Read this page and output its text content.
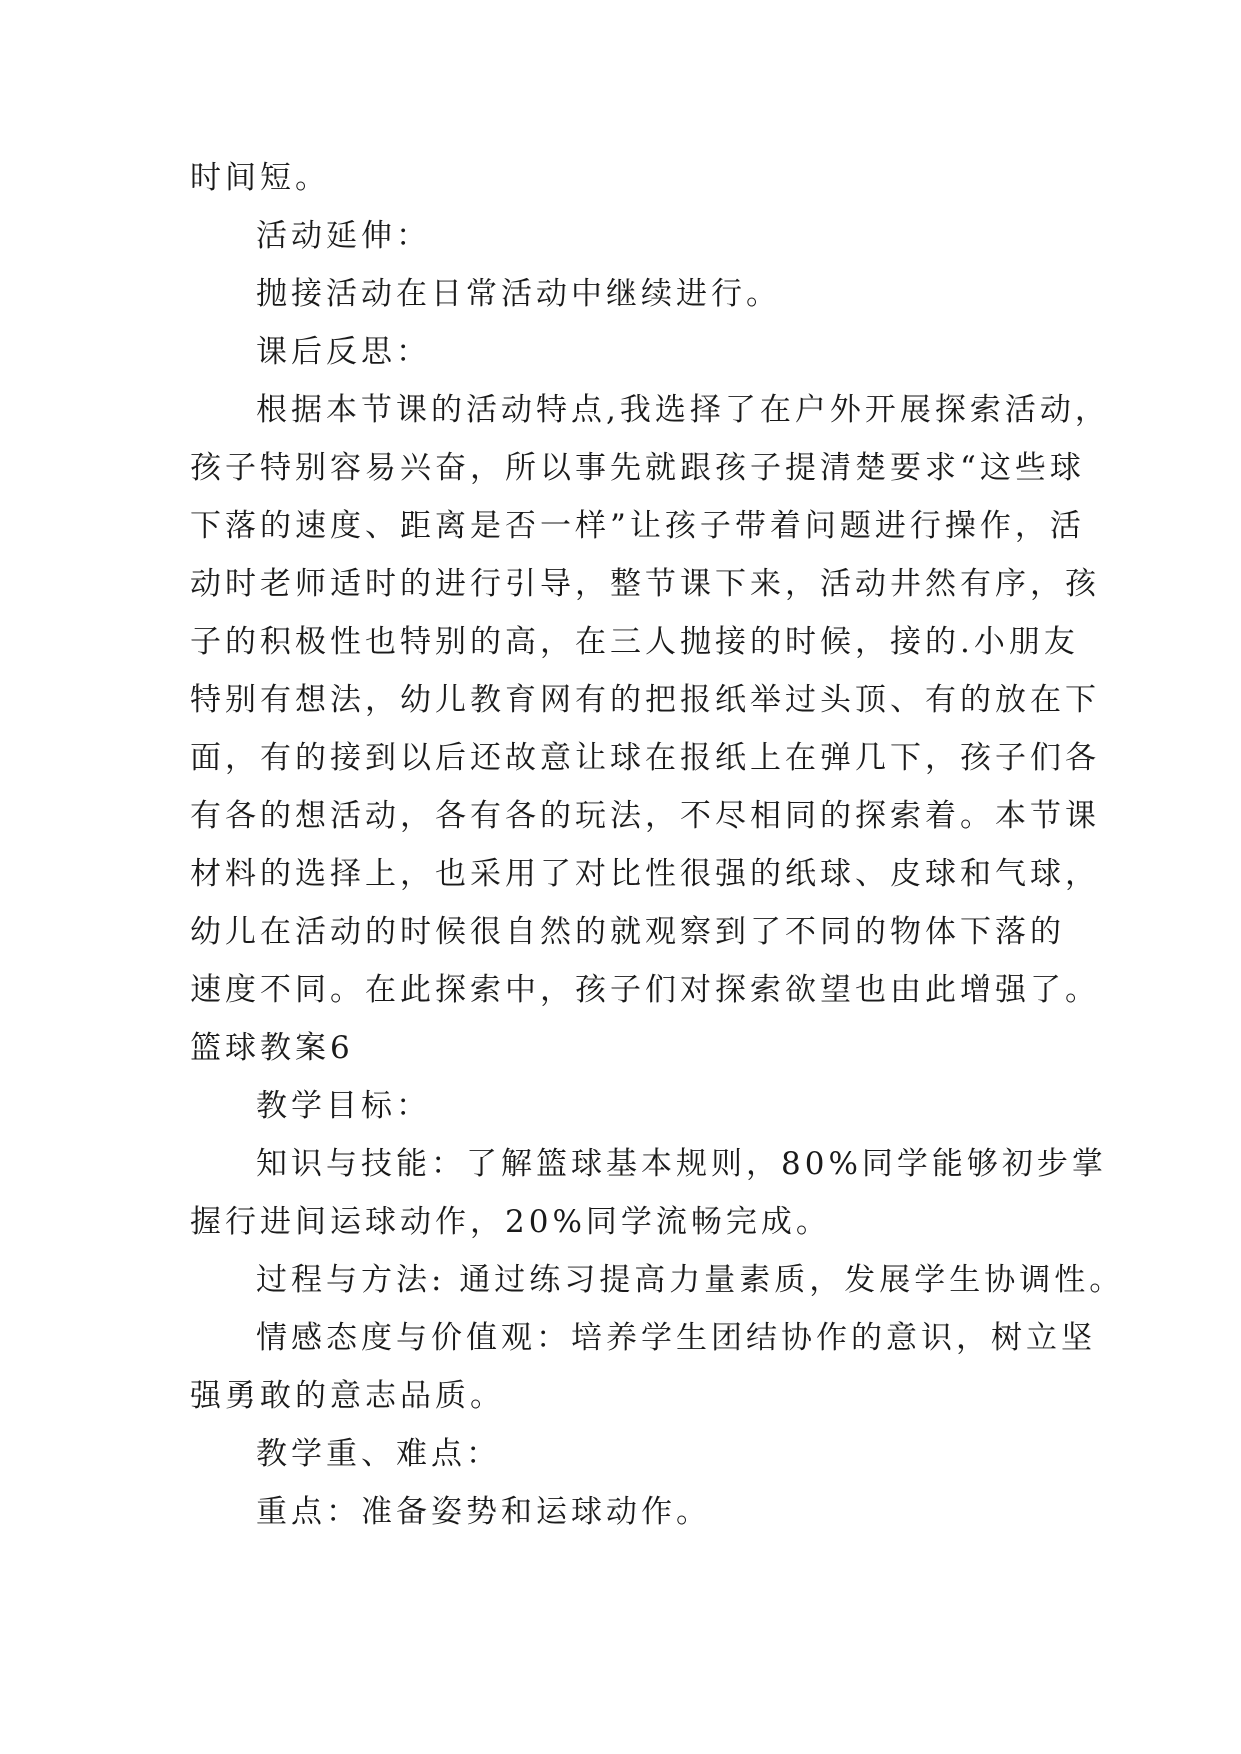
时间短。
活动延伸：
抛接活动在日常活动中继续进行。
课后反思：
根据本节课的活动特点,我选择了在户外开展探索活动，
孩子特别容易兴奋，所以事先就跟孩子提清楚要求“这些球
下落的速度、距离是否一样”让孩子带着问题进行操作，活
动时老师适时的进行引导，整节课下来，活动井然有序，孩
子的积极性也特别的高，在三人抛接的时候，接的.小朋友
特别有想法，幼儿教育网有的把报纸举过头顶、有的放在下
面，有的接到以后还故意让球在报纸上在弹几下，孩子们各
有各的想活动，各有各的玩法，不尽相同的探索着。本节课
材料的选择上，也采用了对比性很强的纸球、皮球和气球，
幼儿在活动的时候很自然的就观察到了不同的物体下落的
速度不同。在此探索中，孩子们对探索欲望也由此增强了。
篮球教案6
教学目标：
知识与技能：了解篮球基本规则，80%同学能够初步掌
握行进间运球动作，20%同学流畅完成。
过程与方法: 通过练习提高力量素质，发展学生协调性。
情感态度与价值观：培养学生团结协作的意识，树立坚
强勇敢的意志品质。
教学重、难点：
重点：准备姿势和运球动作。
